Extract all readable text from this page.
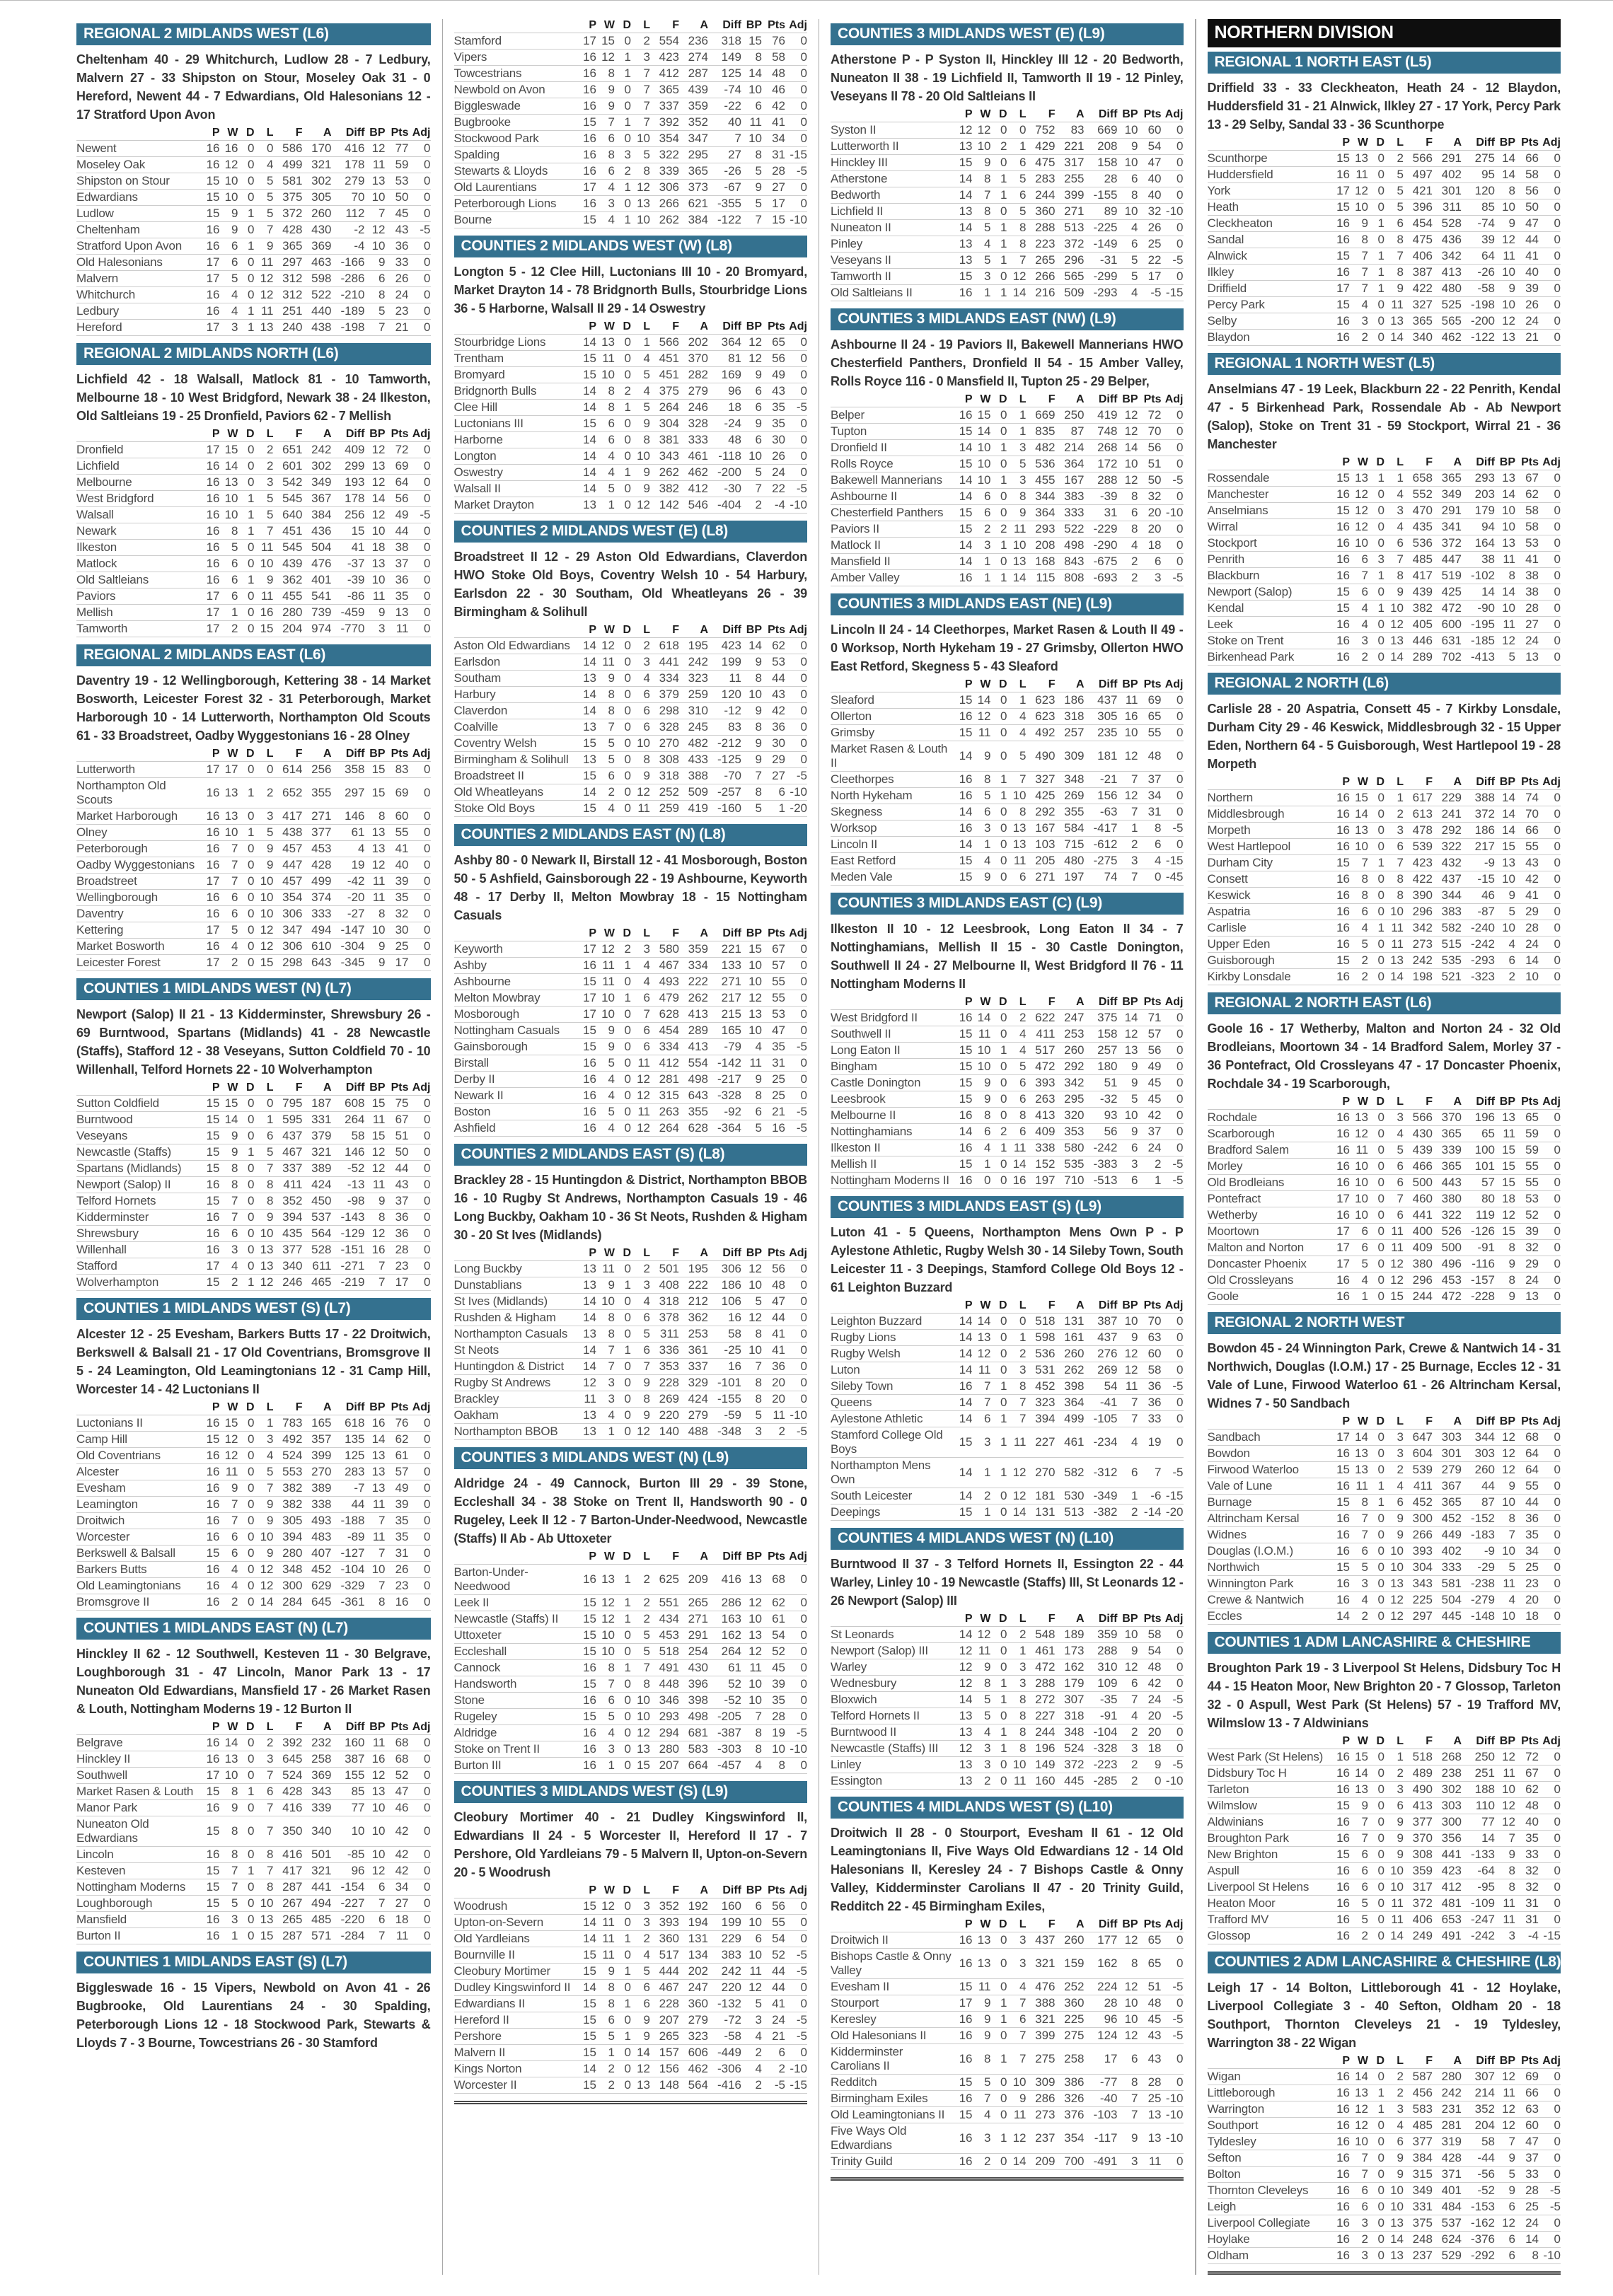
REGIONAL 2 MIDLANDS WEST (L6)

Cheltenham 40 - 29 Whitchurch, Ludlow 28 - 7 Ledbury, Malvern 27 - 33 Shipston on Stour, Moseley Oak 31 - 0 Hereford, Newent 44 - 7 Edwardians, Old Halesonians 12 - 17 Stratford Upon Avon

	P	W	D	L	F	A	Diff	BP	Pts	Adj
Newent	16	16	0	0	586	170	416	12	77	0
Moseley Oak	16	12	0	4	499	321	178	11	59	0
Shipston on Stour	15	10	0	5	581	302	279	13	53	0
Edwardians	15	10	0	5	375	305	70	10	50	0
Ludlow	15	9	1	5	372	260	112	7	45	0
Cheltenham	16	9	0	7	428	430	-2	12	43	-5
Stratford Upon Avon	16	6	1	9	365	369	-4	10	36	0
Old Halesonians	17	6	0	11	297	463	-166	9	33	0
Malvern	17	5	0	12	312	598	-286	6	26	0
Whitchurch	16	4	0	12	312	522	-210	8	24	0
Ledbury	16	4	1	11	251	440	-189	5	23	0
Hereford	17	3	1	13	240	438	-198	7	21	0
REGIONAL 2 MIDLANDS NORTH (L6)

Lichfield 42 - 18 Walsall, Matlock 81 - 10 Tamworth, Melbourne 18 - 10 West Bridgford, Newark 38 - 24 Ilkeston, Old Saltleians 19 - 25 Dronfield, Paviors 62 - 7 Mellish

	P	W	D	L	F	A	Diff	BP	Pts	Adj
Dronfield	17	15	0	2	651	242	409	12	72	0
Lichfield	16	14	0	2	601	302	299	13	69	0
Melbourne	16	13	0	3	542	349	193	12	64	0
West Bridgford	16	10	1	5	545	367	178	14	56	0
Walsall	16	10	1	5	640	384	256	12	49	-5
Newark	16	8	1	7	451	436	15	10	44	0
Ilkeston	16	5	0	11	545	504	41	18	38	0
Matlock	16	6	0	10	439	476	-37	13	37	0
Old Saltleians	16	6	1	9	362	401	-39	10	36	0
Paviors	17	6	0	11	455	541	-86	11	35	0
Mellish	17	1	0	16	280	739	-459	9	13	0
Tamworth	17	2	0	15	204	974	-770	3	11	0
REGIONAL 2 MIDLANDS EAST (L6)

Daventry 19 - 12 Wellingborough, Kettering 38 - 14 Market Bosworth, Leicester Forest 32 - 31 Peterborough, Market Harborough 10 - 14 Lutterworth, Northampton Old Scouts 61 - 33 Broadstreet, Oadby Wyggestonians 16 - 28 Olney

	P	W	D	L	F	A	Diff	BP	Pts	Adj
Lutterworth	17	17	0	0	614	256	358	15	83	0
Northampton Old Scouts	16	13	1	2	652	355	297	15	69	0
Market Harborough	16	13	0	3	417	271	146	8	60	0
Olney	16	10	1	5	438	377	61	13	55	0
Peterborough	16	7	0	9	457	453	4	13	41	0
Oadby Wyggestonians	16	7	0	9	447	428	19	12	40	0
Broadstreet	17	7	0	10	457	499	-42	11	39	0
Wellingborough	16	6	0	10	354	374	-20	11	35	0
Daventry	16	6	0	10	306	333	-27	8	32	0
Kettering	17	5	0	12	347	494	-147	10	30	0
Market Bosworth	16	4	0	12	306	610	-304	9	25	0
Leicester Forest	17	2	0	15	298	643	-345	9	17	0
COUNTIES 1 MIDLANDS WEST (N) (L7)

Newport (Salop) II 21 - 13 Kidderminster, Shrewsbury 26 - 69 Burntwood, Spartans (Midlands) 41 - 28 Newcastle (Staffs), Stafford 12 - 38 Veseyans, Sutton Coldfield 70 - 10 Willenhall, Telford Hornets 22 - 10 Wolverhampton

	P	W	D	L	F	A	Diff	BP	Pts	Adj
Sutton Coldfield	15	15	0	0	795	187	608	15	75	0
Burntwood	15	14	0	1	595	331	264	11	67	0
Veseyans	15	9	0	6	437	379	58	15	51	0
Newcastle (Staffs)	15	9	1	5	467	321	146	12	50	0
Spartans (Midlands)	15	8	0	7	337	389	-52	12	44	0
Newport (Salop) II	16	8	0	8	411	424	-13	11	43	0
Telford Hornets	15	7	0	8	352	450	-98	9	37	0
Kidderminster	16	7	0	9	394	537	-143	8	36	0
Shrewsbury	16	6	0	10	435	564	-129	12	36	0
Willenhall	16	3	0	13	377	528	-151	16	28	0
Stafford	17	4	0	13	340	611	-271	7	23	0
Wolverhampton	15	2	1	12	246	465	-219	7	17	0
COUNTIES 1 MIDLANDS WEST (S) (L7)

Alcester 12 - 25 Evesham, Barkers Butts 17 - 22 Droitwich, Berkswell & Balsall 21 - 17 Old Coventrians, Bromsgrove II 5 - 24 Leamington, Old Leamingtonians 12 - 31 Camp Hill, Worcester 14 - 42 Luctonians II

	P	W	D	L	F	A	Diff	BP	Pts	Adj
Luctonians II	16	15	0	1	783	165	618	16	76	0
Camp Hill	15	12	0	3	492	357	135	14	62	0
Old Coventrians	16	12	0	4	524	399	125	13	61	0
Alcester	16	11	0	5	553	270	283	13	57	0
Evesham	16	9	0	7	382	389	-7	13	49	0
Leamington	16	7	0	9	382	338	44	11	39	0
Droitwich	16	7	0	9	305	493	-188	7	35	0
Worcester	16	6	0	10	394	483	-89	11	35	0
Berkswell & Balsall	15	6	0	9	280	407	-127	7	31	0
Barkers Butts	16	4	0	12	348	452	-104	10	26	0
Old Leamingtonians	16	4	0	12	300	629	-329	7	23	0
Bromsgrove II	16	2	0	14	284	645	-361	8	16	0
COUNTIES 1 MIDLANDS EAST (N) (L7)

Hinckley II 62 - 12 Southwell, Kesteven 11 - 30 Belgrave, Loughborough 31 - 47 Lincoln, Manor Park 13 - 17 Nuneaton Old Edwardians, Mansfield 17 - 26 Market Rasen & Louth, Nottingham Moderns 19 - 12 Burton II

	P	W	D	L	F	A	Diff	BP	Pts	Adj
Belgrave	16	14	0	2	392	232	160	11	68	0
Hinckley II	16	13	0	3	645	258	387	16	68	0
Southwell	17	10	0	7	524	369	155	12	52	0
Market Rasen & Louth	15	8	1	6	428	343	85	13	47	0
Manor Park	16	9	0	7	416	339	77	10	46	0
Nuneaton Old Edwardians	15	8	0	7	350	340	10	10	42	0
Lincoln	16	8	0	8	416	501	-85	10	42	0
Kesteven	15	7	1	7	417	321	96	12	42	0
Nottingham Moderns	15	7	0	8	287	441	-154	6	34	0
Loughborough	15	5	0	10	267	494	-227	7	27	0
Mansfield	16	3	0	13	265	485	-220	6	18	0
Burton II	16	1	0	15	287	571	-284	7	11	0
COUNTIES 1 MIDLANDS EAST (S) (L7)

Biggleswade 16 - 15 Vipers, Newbold on Avon 41 - 26 Bugbrooke, Old Laurentians 24 - 30 Spalding, Peterborough Lions 12 - 18 Stockwood Park, Stewarts & Lloyds 7 - 3 Bourne, Towcestrians 26 - 30 Stamford

	P	W	D	L	F	A	Diff	BP	Pts	Adj
Stamford	17	15	0	2	554	236	318	15	76	0
Vipers	16	12	1	3	423	274	149	8	58	0
Towcestrians	16	8	1	7	412	287	125	14	48	0
Newbold on Avon	16	9	0	7	365	439	-74	10	46	0
Biggleswade	16	9	0	7	337	359	-22	6	42	0
Bugbrooke	15	7	1	7	392	352	40	11	41	0
Stockwood Park	16	6	0	10	354	347	7	10	34	0
Spalding	16	8	3	5	322	295	27	8	31	-15
Stewarts & Lloyds	16	6	2	8	339	365	-26	5	28	-5
Old Laurentians	17	4	1	12	306	373	-67	9	27	0
Peterborough Lions	16	3	0	13	266	621	-355	5	17	0
Bourne	15	4	1	10	262	384	-122	7	15	-10
COUNTIES 2 MIDLANDS WEST (W) (L8)

Longton 5 - 12 Clee Hill, Luctonians III 10 - 20 Bromyard, Market Drayton 14 - 78 Bridgnorth Bulls, Stourbridge Lions 36 - 5 Harborne, Walsall II 29 - 14 Oswestry

	P	W	D	L	F	A	Diff	BP	Pts	Adj
Stourbridge Lions	14	13	0	1	566	202	364	12	65	0
Trentham	15	11	0	4	451	370	81	12	56	0
Bromyard	15	10	0	5	451	282	169	9	49	0
Bridgnorth Bulls	14	8	2	4	375	279	96	6	43	0
Clee Hill	14	8	1	5	264	246	18	6	35	-5
Luctonians III	15	6	0	9	304	328	-24	9	35	0
Harborne	14	6	0	8	381	333	48	6	30	0
Longton	14	4	0	10	343	461	-118	10	26	0
Oswestry	14	4	1	9	262	462	-200	5	24	0
Walsall II	14	5	0	9	382	412	-30	7	22	-5
Market Drayton	13	1	0	12	142	546	-404	2	-4	-10
COUNTIES 2 MIDLANDS WEST (E) (L8)

Broadstreet II 12 - 29 Aston Old Edwardians, Claverdon HWO Stoke Old Boys, Coventry Welsh 10 - 54 Harbury, Earlsdon 22 - 30 Southam, Old Wheatleyans 26 - 39 Birmingham & Solihull

	P	W	D	L	F	A	Diff	BP	Pts	Adj
Aston Old Edwardians	14	12	0	2	618	195	423	14	62	0
Earlsdon	14	11	0	3	441	242	199	9	53	0
Southam	13	9	0	4	334	323	11	8	44	0
Harbury	14	8	0	6	379	259	120	10	43	0
Claverdon	14	8	0	6	298	310	-12	9	42	0
Coalville	13	7	0	6	328	245	83	8	36	0
Coventry Welsh	15	5	0	10	270	482	-212	9	30	0
Birmingham & Solihull	13	5	0	8	308	433	-125	9	29	0
Broadstreet II	15	6	0	9	318	388	-70	7	27	-5
Old Wheatleyans	14	2	0	12	252	509	-257	8	6	-10
Stoke Old Boys	15	4	0	11	259	419	-160	5	1	-20
COUNTIES 2 MIDLANDS EAST (N) (L8)

Ashby 80 - 0 Newark II, Birstall 12 - 41 Mosborough, Boston 50 - 5 Ashfield, Gainsborough 22 - 19 Ashbourne, Keyworth 48 - 17 Derby II, Melton Mowbray 18 - 15 Nottingham Casuals

	P	W	D	L	F	A	Diff	BP	Pts	Adj
Keyworth	17	12	2	3	580	359	221	15	67	0
Ashby	16	11	1	4	467	334	133	10	57	0
Ashbourne	15	11	0	4	493	222	271	10	55	0
Melton Mowbray	17	10	1	6	479	262	217	12	55	0
Mosborough	17	10	0	7	628	413	215	13	53	0
Nottingham Casuals	15	9	0	6	454	289	165	10	47	0
Gainsborough	15	9	0	6	334	413	-79	4	35	-5
Birstall	16	5	0	11	412	554	-142	11	31	0
Derby II	16	4	0	12	281	498	-217	9	25	0
Newark II	16	4	0	12	315	643	-328	8	25	0
Boston	16	5	0	11	263	355	-92	6	21	-5
Ashfield	16	4	0	12	264	628	-364	5	16	-5
COUNTIES 2 MIDLANDS EAST (S) (L8)

Brackley 28 - 15 Huntingdon & District, Northampton BBOB 16 - 10 Rugby St Andrews, Northampton Casuals 19 - 46 Long Buckby, Oakham 10 - 36 St Neots, Rushden & Higham 30 - 20 St Ives (Midlands)

	P	W	D	L	F	A	Diff	BP	Pts	Adj
Long Buckby	13	11	0	2	501	195	306	12	56	0
Dunstablians	13	9	1	3	408	222	186	10	48	0
St Ives (Midlands)	14	10	0	4	318	212	106	5	47	0
Rushden & Higham	14	8	0	6	378	362	16	12	44	0
Northampton Casuals	13	8	0	5	311	253	58	8	41	0
St Neots	14	7	1	6	336	361	-25	10	41	0
Huntingdon & District	14	7	0	7	353	337	16	7	36	0
Rugby St Andrews	12	3	0	9	228	329	-101	8	20	0
Brackley	11	3	0	8	269	424	-155	8	20	0
Oakham	13	4	0	9	220	279	-59	5	11	-10
Northampton BBOB	13	1	0	12	140	488	-348	3	2	-5
COUNTIES 3 MIDLANDS WEST (N) (L9)

Aldridge 24 - 49 Cannock, Burton III 29 - 39 Stone, Eccleshall 34 - 38 Stoke on Trent II, Handsworth 90 - 0 Rugeley, Leek II 12 - 7 Barton-Under-Needwood, Newcastle (Staffs) II Ab - Ab Uttoxeter

	P	W	D	L	F	A	Diff	BP	Pts	Adj
Barton-Under-Needwood	16	13	1	2	625	209	416	13	68	0
Leek II	15	12	1	2	551	265	286	12	62	0
Newcastle (Staffs) II	15	12	1	2	434	271	163	10	61	0
Uttoxeter	15	10	0	5	453	291	162	13	54	0
Eccleshall	15	10	0	5	518	254	264	12	52	0
Cannock	16	8	1	7	491	430	61	11	45	0
Handsworth	15	7	0	8	448	396	52	10	39	0
Stone	16	6	0	10	346	398	-52	10	35	0
Rugeley	15	5	0	10	293	498	-205	7	28	0
Aldridge	16	4	0	12	294	681	-387	8	19	-5
Stoke on Trent II	16	3	0	13	280	583	-303	8	10	-10
Burton III	16	1	0	15	207	664	-457	4	8	0
COUNTIES 3 MIDLANDS WEST (S) (L9)

Cleobury Mortimer 40 - 21 Dudley Kingswinford II, Edwardians II 24 - 5 Worcester II, Hereford II 17 - 7 Pershore, Old Yardleians 79 - 5 Malvern II, Upton-on-Severn 20 - 5 Woodrush

	P	W	D	L	F	A	Diff	BP	Pts	Adj
Woodrush	15	12	0	3	352	192	160	6	56	0
Upton-on-Severn	14	11	0	3	393	194	199	10	55	0
Old Yardleians	14	11	1	2	360	131	229	6	54	0
Bournville II	15	11	0	4	517	134	383	10	52	-5
Cleobury Mortimer	15	9	1	5	444	202	242	11	44	-5
Dudley Kingswinford II	14	8	0	6	467	247	220	12	44	0
Edwardians II	15	8	1	6	228	360	-132	5	41	0
Hereford II	15	6	0	9	207	279	-72	3	24	-5
Pershore	15	5	1	9	265	323	-58	4	21	-5
Malvern II	15	1	0	14	157	606	-449	2	6	0
Kings Norton	14	2	0	12	156	462	-306	4	2	-10
Worcester II	15	2	0	13	148	564	-416	2	-5	-15
COUNTIES 3 MIDLANDS WEST (E) (L9)

Atherstone P - P Syston II, Hinckley III 12 - 20 Bedworth, Nuneaton II 38 - 19 Lichfield II, Tamworth II 19 - 12 Pinley, Veseyans II 78 - 20 Old Saltleians II

	P	W	D	L	F	A	Diff	BP	Pts	Adj
Syston II	12	12	0	0	752	83	669	10	60	0
Lutterworth II	13	10	2	1	429	221	208	9	54	0
Hinckley III	15	9	0	6	475	317	158	10	47	0
Atherstone	14	8	1	5	283	255	28	6	40	0
Bedworth	14	7	1	6	244	399	-155	8	40	0
Lichfield II	13	8	0	5	360	271	89	10	32	-10
Nuneaton II	14	5	1	8	288	513	-225	4	26	0
Pinley	13	4	1	8	223	372	-149	6	25	0
Veseyans II	13	5	1	7	265	296	-31	5	22	-5
Tamworth II	15	3	0	12	266	565	-299	5	17	0
Old Saltleians II	16	1	1	14	216	509	-293	4	-5	-15
COUNTIES 3 MIDLANDS EAST (NW) (L9)

Ashbourne II 24 - 19 Paviors II, Bakewell Mannerians HWO Chesterfield Panthers, Dronfield II 54 - 15 Amber Valley, Rolls Royce 116 - 0 Mansfield II, Tupton 25 - 29 Belper,

	P	W	D	L	F	A	Diff	BP	Pts	Adj
Belper	16	15	0	1	669	250	419	12	72	0
Tupton	15	14	0	1	835	87	748	12	70	0
Dronfield II	14	10	1	3	482	214	268	14	56	0
Rolls Royce	15	10	0	5	536	364	172	10	51	0
Bakewell Mannerians	14	10	1	3	455	167	288	12	50	-5
Ashbourne II	14	6	0	8	344	383	-39	8	32	0
Chesterfield Panthers	15	6	0	9	364	333	31	6	20	-10
Paviors II	15	2	2	11	293	522	-229	8	20	0
Matlock II	14	3	1	10	208	498	-290	4	18	0
Mansfield II	14	1	0	13	168	843	-675	2	6	0
Amber Valley	16	1	1	14	115	808	-693	2	3	-5
COUNTIES 3 MIDLANDS EAST (NE) (L9)

Lincoln II 24 - 14 Cleethorpes, Market Rasen & Louth II 49 - 0 Worksop, North Hykeham 19 - 27 Grimsby, Ollerton HWO East Retford, Skegness 5 - 43 Sleaford

	P	W	D	L	F	A	Diff	BP	Pts	Adj
Sleaford	15	14	0	1	623	186	437	11	69	0
Ollerton	16	12	0	4	623	318	305	16	65	0
Grimsby	15	11	0	4	492	257	235	10	55	0
Market Rasen & Louth II	14	9	0	5	490	309	181	12	48	0
Cleethorpes	16	8	1	7	327	348	-21	7	37	0
North Hykeham	16	5	1	10	425	269	156	12	34	0
Skegness	14	6	0	8	292	355	-63	7	31	0
Worksop	16	3	0	13	167	584	-417	1	8	-5
Lincoln II	14	1	0	13	103	715	-612	2	6	0
East Retford	15	4	0	11	205	480	-275	3	4	-15
Meden Vale	15	9	0	6	271	197	74	7	0	-45
COUNTIES 3 MIDLANDS EAST (C) (L9)

Ilkeston II 10 - 12 Leesbrook, Long Eaton II 34 - 7 Nottinghamians, Mellish II 15 - 30 Castle Donington, Southwell II 24 - 27 Melbourne II, West Bridgford II 76 - 11 Nottingham Moderns II

	P	W	D	L	F	A	Diff	BP	Pts	Adj
West Bridgford II	16	14	0	2	622	247	375	14	71	0
Southwell II	15	11	0	4	411	253	158	12	57	0
Long Eaton II	15	10	1	4	517	260	257	13	56	0
Bingham	15	10	0	5	472	292	180	9	49	0
Castle Donington	15	9	0	6	393	342	51	9	45	0
Leesbrook	15	9	0	6	263	295	-32	5	45	0
Melbourne II	16	8	0	8	413	320	93	10	42	0
Nottinghamians	14	6	2	6	409	353	56	9	37	0
Ilkeston II	16	4	1	11	338	580	-242	6	24	0
Mellish II	15	1	0	14	152	535	-383	3	2	-5
Nottingham Moderns II	16	0	0	16	197	710	-513	6	1	-5
COUNTIES 3 MIDLANDS EAST (S) (L9)

Luton 41 - 5 Queens, Northampton Mens Own P - P Aylestone Athletic, Rugby Welsh 30 - 14 Sileby Town, South Leicester 11 - 3 Deepings, Stamford College Old Boys 12 - 61 Leighton Buzzard

	P	W	D	L	F	A	Diff	BP	Pts	Adj
Leighton Buzzard	14	14	0	0	518	131	387	10	70	0
Rugby Lions	14	13	0	1	598	161	437	9	63	0
Rugby Welsh	14	12	0	2	536	260	276	12	60	0
Luton	14	11	0	3	531	262	269	12	58	0
Sileby Town	16	7	1	8	452	398	54	11	36	-5
Queens	14	7	0	7	323	364	-41	7	36	0
Aylestone Athletic	14	6	1	7	394	499	-105	7	33	0
Stamford College Old Boys	15	3	1	11	227	461	-234	4	19	0
Northampton Mens Own	14	1	1	12	270	582	-312	6	7	-5
South Leicester	14	2	0	12	181	530	-349	1	-6	-15
Deepings	15	1	0	14	131	513	-382	2	-14	-20
COUNTIES 4 MIDLANDS WEST (N) (L10)

Burntwood II 37 - 3 Telford Hornets II, Essington 22 - 44 Warley, Linley 10 - 19 Newcastle (Staffs) III, St Leonards 12 - 26 Newport (Salop) III

	P	W	D	L	F	A	Diff	BP	Pts	Adj
St Leonards	14	12	0	2	548	189	359	10	58	0
Newport (Salop) III	12	11	0	1	461	173	288	9	54	0
Warley	12	9	0	3	472	162	310	12	48	0
Wednesbury	12	8	1	3	288	179	109	6	42	0
Bloxwich	14	5	1	8	272	307	-35	7	24	-5
Telford Hornets II	13	5	0	8	227	318	-91	4	20	-5
Burntwood II	13	4	1	8	244	348	-104	2	20	0
Newcastle (Staffs) III	12	3	1	8	196	524	-328	3	18	0
Linley	13	3	0	10	149	372	-223	2	9	-5
Essington	13	2	0	11	160	445	-285	2	0	-10
COUNTIES 4 MIDLANDS WEST (S) (L10)

Droitwich II 28 - 0 Stourport, Evesham II 61 - 12 Old Leamingtonians II, Five Ways Old Edwardians 12 - 14 Old Halesonians II, Keresley 24 - 7 Bishops Castle & Onny Valley, Kidderminster Carolians II 47 - 20 Trinity Guild, Redditch 22 - 45 Birmingham Exiles,

	P	W	D	L	F	A	Diff	BP	Pts	Adj
Droitwich II	16	13	0	3	437	260	177	12	65	0
Bishops Castle & Onny Valley	16	13	0	3	321	159	162	8	65	0
Evesham II	15	11	0	4	476	252	224	12	51	-5
Stourport	17	9	1	7	388	360	28	10	48	0
Keresley	16	9	1	6	321	225	96	10	45	-5
Old Halesonians II	16	9	0	7	399	275	124	12	43	-5
Kidderminster Carolians II	16	8	1	7	275	258	17	6	43	0
Redditch	15	5	0	10	309	386	-77	8	28	0
Birmingham Exiles	16	7	0	9	286	326	-40	7	25	-10
Old Leamingtonians II	15	4	0	11	273	376	-103	7	13	-10
Five Ways Old Edwardians	16	3	1	12	237	354	-117	9	13	-10
Trinity Guild	16	2	0	14	209	700	-491	3	11	0
NORTHERN DIVISION
REGIONAL 1 NORTH EAST (L5)

Driffield 33 - 33 Cleckheaton, Heath 24 - 12 Blaydon, Huddersfield 31 - 21 Alnwick, Ilkley 27 - 17 York, Percy Park 13 - 29 Selby, Sandal 33 - 36 Scunthorpe

	P	W	D	L	F	A	Diff	BP	Pts	Adj
Scunthorpe	15	13	0	2	566	291	275	14	66	0
Huddersfield	16	11	0	5	497	402	95	14	58	0
York	17	12	0	5	421	301	120	8	56	0
Heath	15	10	0	5	396	311	85	10	50	0
Cleckheaton	16	9	1	6	454	528	-74	9	47	0
Sandal	16	8	0	8	475	436	39	12	44	0
Alnwick	15	7	1	7	406	342	64	11	41	0
Ilkley	16	7	1	8	387	413	-26	10	40	0
Driffield	17	7	1	9	422	480	-58	9	39	0
Percy Park	15	4	0	11	327	525	-198	10	26	0
Selby	16	3	0	13	365	565	-200	12	24	0
Blaydon	16	2	0	14	340	462	-122	13	21	0
REGIONAL 1 NORTH WEST (L5)

Anselmians 47 - 19 Leek, Blackburn 22 - 22 Penrith, Kendal 47 - 5 Birkenhead Park, Rossendale Ab - Ab Newport (Salop), Stoke on Trent 31 - 59 Stockport, Wirral 21 - 36 Manchester

	P	W	D	L	F	A	Diff	BP	Pts	Adj
Rossendale	15	13	1	1	658	365	293	13	67	0
Manchester	16	12	0	4	552	349	203	14	62	0
Anselmians	15	12	0	3	470	291	179	10	58	0
Wirral	16	12	0	4	435	341	94	10	58	0
Stockport	16	10	0	6	536	372	164	13	53	0
Penrith	16	6	3	7	485	447	38	11	41	0
Blackburn	16	7	1	8	417	519	-102	8	38	0
Newport (Salop)	15	6	0	9	439	425	14	14	38	0
Kendal	15	4	1	10	382	472	-90	10	28	0
Leek	16	4	0	12	405	600	-195	11	27	0
Stoke on Trent	16	3	0	13	446	631	-185	12	24	0
Birkenhead Park	16	2	0	14	289	702	-413	5	13	0
REGIONAL 2 NORTH (L6)

Carlisle 28 - 20 Aspatria, Consett 45 - 7 Kirkby Lonsdale, Durham City 29 - 46 Keswick, Middlesbrough 32 - 15 Upper Eden, Northern 64 - 5 Guisborough, West Hartlepool 19 - 28 Morpeth

	P	W	D	L	F	A	Diff	BP	Pts	Adj
Northern	16	15	0	1	617	229	388	14	74	0
Middlesbrough	16	14	0	2	613	241	372	14	70	0
Morpeth	16	13	0	3	478	292	186	14	66	0
West Hartlepool	16	10	0	6	539	322	217	15	55	0
Durham City	15	7	1	7	423	432	-9	13	43	0
Consett	16	8	0	8	422	437	-15	10	42	0
Keswick	16	8	0	8	390	344	46	9	41	0
Aspatria	16	6	0	10	296	383	-87	5	29	0
Carlisle	16	4	1	11	342	582	-240	10	28	0
Upper Eden	16	5	0	11	273	515	-242	4	24	0
Guisborough	15	2	0	13	242	535	-293	6	14	0
Kirkby Lonsdale	16	2	0	14	198	521	-323	2	10	0
REGIONAL 2 NORTH EAST (L6)

Goole 16 - 17 Wetherby, Malton and Norton 24 - 32 Old Brodleians, Moortown 34 - 14 Bradford Salem, Morley 37 - 36 Pontefract, Old Crossleyans 47 - 17 Doncaster Phoenix, Rochdale 34 - 19 Scarborough,

	P	W	D	L	F	A	Diff	BP	Pts	Adj
Rochdale	16	13	0	3	566	370	196	13	65	0
Scarborough	16	12	0	4	430	365	65	11	59	0
Bradford Salem	16	11	0	5	439	339	100	15	59	0
Morley	16	10	0	6	466	365	101	15	55	0
Old Brodleians	16	10	0	6	500	443	57	15	55	0
Pontefract	17	10	0	7	460	380	80	18	53	0
Wetherby	16	10	0	6	441	322	119	12	52	0
Moortown	17	6	0	11	400	526	-126	15	39	0
Malton and Norton	17	6	0	11	409	500	-91	8	32	0
Doncaster Phoenix	17	5	0	12	380	496	-116	9	29	0
Old Crossleyans	16	4	0	12	296	453	-157	8	24	0
Goole	16	1	0	15	244	472	-228	9	13	0
REGIONAL 2 NORTH WEST

Bowdon 45 - 24 Winnington Park, Crewe & Nantwich 14 - 31 Northwich, Douglas (I.O.M.) 17 - 25 Burnage, Eccles 12 - 31 Vale of Lune, Firwood Waterloo 61 - 26 Altrincham Kersal, Widnes 7 - 50 Sandbach

	P	W	D	L	F	A	Diff	BP	Pts	Adj
Sandbach	17	14	0	3	647	303	344	12	68	0
Bowdon	16	13	0	3	604	301	303	12	64	0
Firwood Waterloo	15	13	0	2	539	279	260	12	64	0
Vale of Lune	16	11	1	4	411	367	44	9	55	0
Burnage	15	8	1	6	452	365	87	10	44	0
Altrincham Kersal	16	7	0	9	300	452	-152	8	36	0
Widnes	16	7	0	9	266	449	-183	7	35	0
Douglas (I.O.M.)	16	6	0	10	393	402	-9	10	34	0
Northwich	15	5	0	10	304	333	-29	5	25	0
Winnington Park	16	3	0	13	343	581	-238	11	23	0
Crewe & Nantwich	16	4	0	12	225	504	-279	4	20	0
Eccles	14	2	0	12	297	445	-148	10	18	0
COUNTIES 1 ADM LANCASHIRE & CHESHIRE

Broughton Park 19 - 3 Liverpool St Helens, Didsbury Toc H 44 - 15 Heaton Moor, New Brighton 20 - 7 Glossop, Tarleton 32 - 0 Aspull, West Park (St Helens) 57 - 19 Trafford MV, Wilmslow 13 - 7 Aldwinians

	P	W	D	L	F	A	Diff	BP	Pts	Adj
West Park (St Helens)	16	15	0	1	518	268	250	12	72	0
Didsbury Toc H	16	14	0	2	489	238	251	11	67	0
Tarleton	16	13	0	3	490	302	188	10	62	0
Wilmslow	15	9	0	6	413	303	110	12	48	0
Aldwinians	16	7	0	9	377	300	77	12	40	0
Broughton Park	16	7	0	9	370	356	14	7	35	0
New Brighton	15	6	0	9	308	441	-133	9	33	0
Aspull	16	6	0	10	359	423	-64	8	32	0
Liverpool St Helens	16	6	0	10	317	412	-95	8	32	0
Heaton Moor	16	5	0	11	372	481	-109	11	31	0
Trafford MV	16	5	0	11	406	653	-247	11	31	0
Glossop	16	2	0	14	249	491	-242	3	-4	-15
COUNTIES 2 ADM LANCASHIRE & CHESHIRE (L8)

Leigh 17 - 14 Bolton, Littleborough 41 - 12 Hoylake, Liverpool Collegiate 3 - 40 Sefton, Oldham 20 - 18 Southport, Thornton Cleveleys 21 - 19 Tyldesley, Warrington 38 - 22 Wigan

	P	W	D	L	F	A	Diff	BP	Pts	Adj
Wigan	16	14	0	2	587	280	307	12	69	0
Littleborough	16	13	1	2	456	242	214	11	66	0
Warrington	16	12	1	3	583	231	352	12	63	0
Southport	16	12	0	4	485	281	204	12	60	0
Tyldesley	16	10	0	6	377	319	58	7	47	0
Sefton	16	7	0	9	384	428	-44	9	37	0
Bolton	16	7	0	9	315	371	-56	5	33	0
Thornton Cleveleys	16	6	0	10	349	401	-52	9	28	-5
Leigh	16	6	0	10	331	484	-153	6	25	-5
Liverpool Collegiate	16	3	0	13	375	537	-162	12	24	0
Hoylake	16	2	0	14	248	624	-376	6	14	0
Oldham	16	3	0	13	237	529	-292	6	8	-10
